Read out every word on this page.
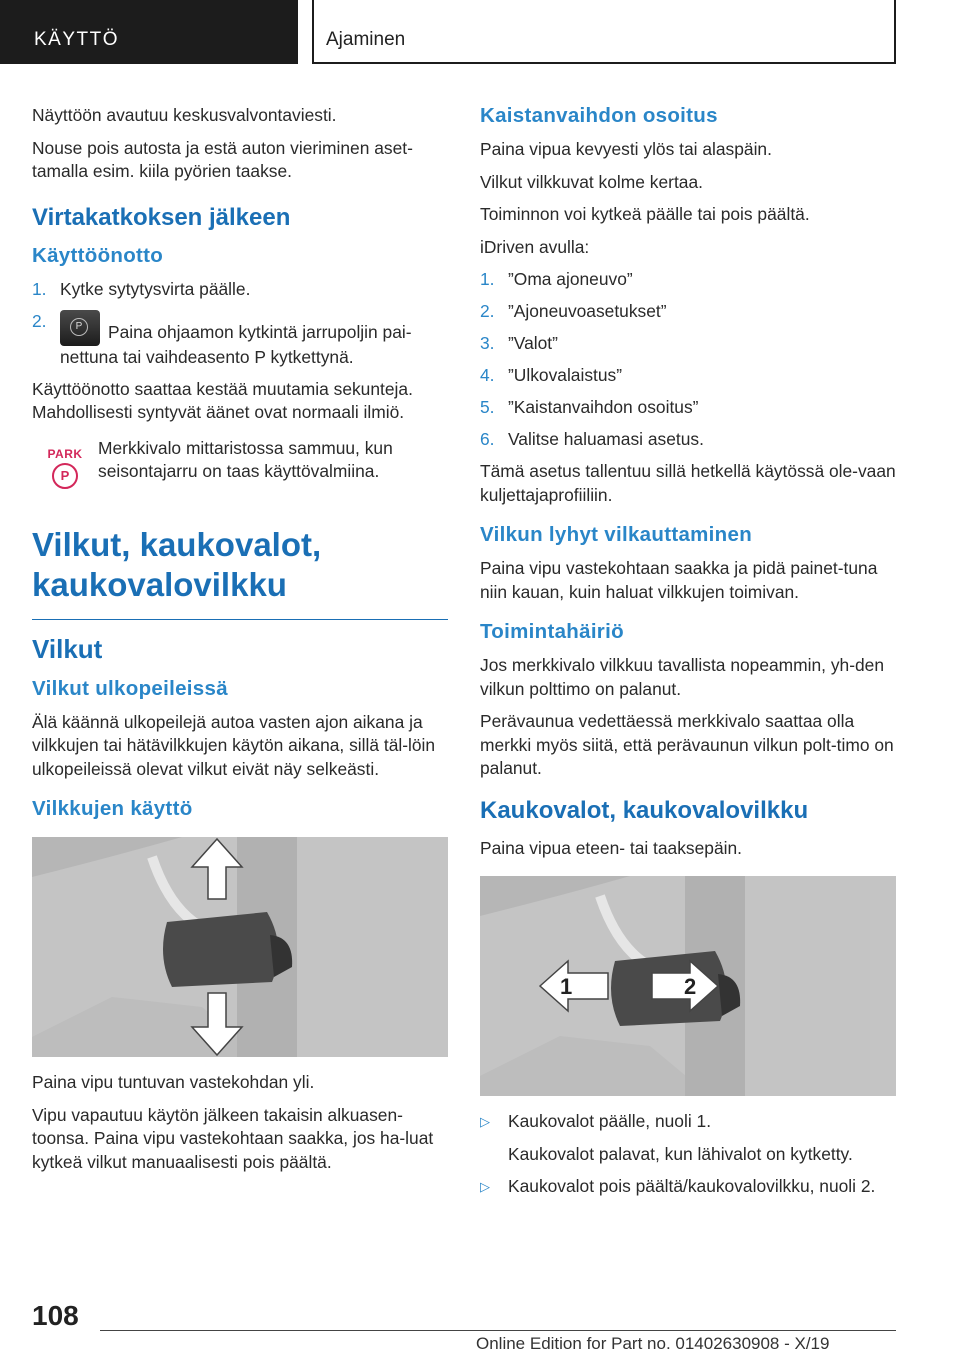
KÄYTTÖ	Ajaminen

Näyttöön avautuu keskusvalvontaviesti.

Nouse pois autosta ja estä auton vieriminen aset-tamalla esim. kiila pyörien taakse.

Virtakatkoksen jälkeen
Käyttöönotto
1. Kytke sytytysvirta päälle.
2.	P	Paina ohjaamon kytkintä jarrupoljin pai-nettuna tai vaihdeasento P kytkettynä.

Käyttöönotto saattaa kestää muutamia sekunteja. Mahdollisesti syntyvät äänet ovat normaali ilmiö.

PARK
P

Merkkivalo mittaristossa sammuu, kun seisontajarru on taas käyttövalmiina.

Vilkut, kaukovalot, kaukovalovilkku
Vilkut
Vilkut ulkopeileissä

Älä käännä ulkopeilejä autoa vasten ajon aikana ja vilkkujen tai hätävilkkujen käytön aikana, sillä täl-löin ulkopeileissä olevat vilkut eivät näy selkeästi.

Vilkkujen käyttö

Paina vipu tuntuvan vastekohdan yli.

Vipu vapautuu käytön jälkeen takaisin alkuasen-toonsa. Paina vipu vastekohtaan saakka, jos ha-luat kytkeä vilkut manuaalisesti pois päältä.

Kaistanvaihdon osoitus

Paina vipua kevyesti ylös tai alaspäin.

Vilkut vilkkuvat kolme kertaa.

Toiminnon voi kytkeä päälle tai pois päältä.

iDriven avulla:

1. ”Oma ajoneuvo”
2. ”Ajoneuvoasetukset”
3. ”Valot”
4. ”Ulkovalaistus”
5. ”Kaistanvaihdon osoitus”
6. Valitse haluamasi asetus.

Tämä asetus tallentuu sillä hetkellä käytössä ole-vaan kuljettajaprofiiliin.

Vilkun lyhyt vilkauttaminen

Paina vipu vastekohtaan saakka ja pidä painet-tuna niin kauan, kuin haluat vilkkujen toimivan.

Toimintahäiriö

Jos merkkivalo vilkkuu tavallista nopeammin, yh-den vilkun polttimo on palanut.

Perävaunua vedettäessä merkkivalo saattaa olla merkki myös siitä, että perävaunun vilkun polt-timo on palanut.

Kaukovalot, kaukovalovilkku

Paina vipua eteen- tai taaksepäin.

1	2
▷ Kaukovalot päälle, nuoli 1.

Kaukovalot palavat, kun lähivalot on kytketty.

▷ Kaukovalot pois päältä/kaukovalovilkku, nuoli 2.
108
Online Edition for Part no. 01402630908 - X/19
